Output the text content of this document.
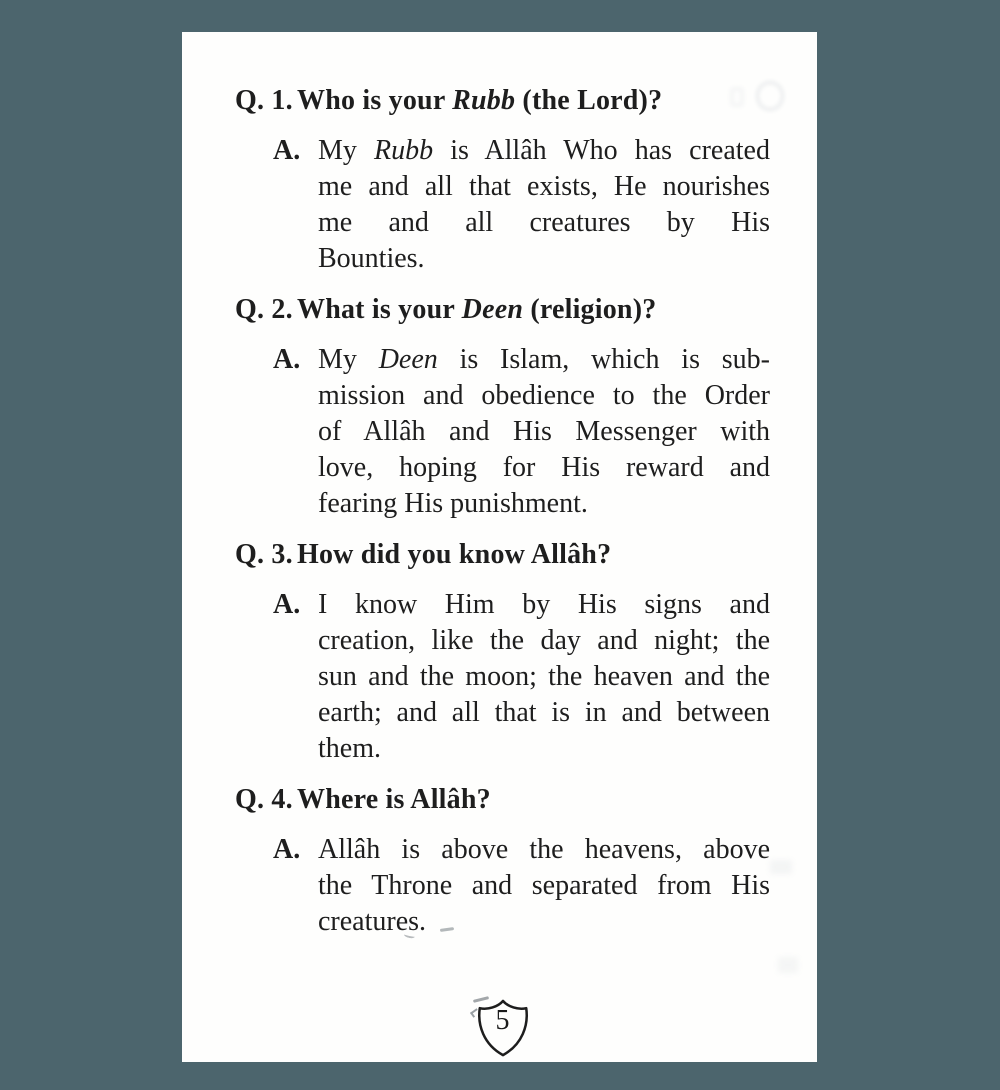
Q. 1. Who is your Rubb (the Lord)?
A. My Rubb is Allâh Who has created
me and all that exists, He nourishes
me and all creatures by His
Bounties.
Q. 2. What is your Deen (religion)?
A. My Deen is Islam, which is sub-
mission and obedience to the Order
of Allâh and His Messenger with
love, hoping for His reward and
fearing His punishment.
Q. 3. How did you know Allâh?
A. I know Him by His signs and
creation, like the day and night; the
sun and the moon; the heaven and the
earth; and all that is in and between
them.
Q. 4. Where is Allâh?
A. Allâh is above the heavens, above
the Throne and separated from His
creatures.
5
